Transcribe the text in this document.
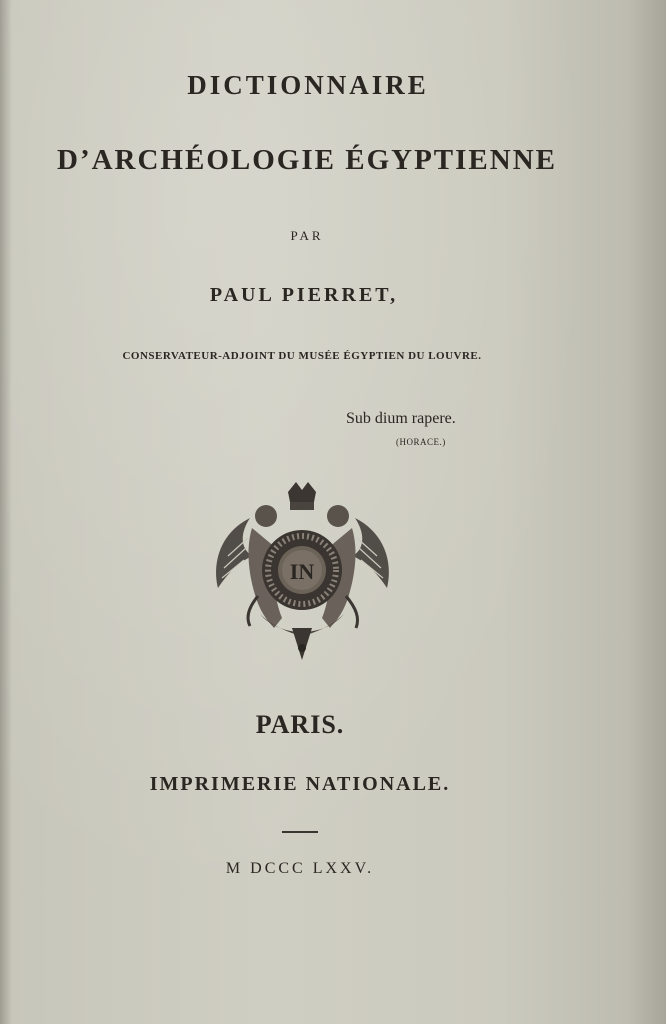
DICTIONNAIRE
D’ARCHÉOLOGIE ÉGYPTIENNE
PAR
PAUL PIERRET,
CONSERVATEUR-ADJOINT DU MUSÉE ÉGYPTIEN DU LOUVRE.
Sub dium rapere.
(HORACE.)
IN
PARIS.
IMPRIMERIE NATIONALE.
M DCCC LXXV.
